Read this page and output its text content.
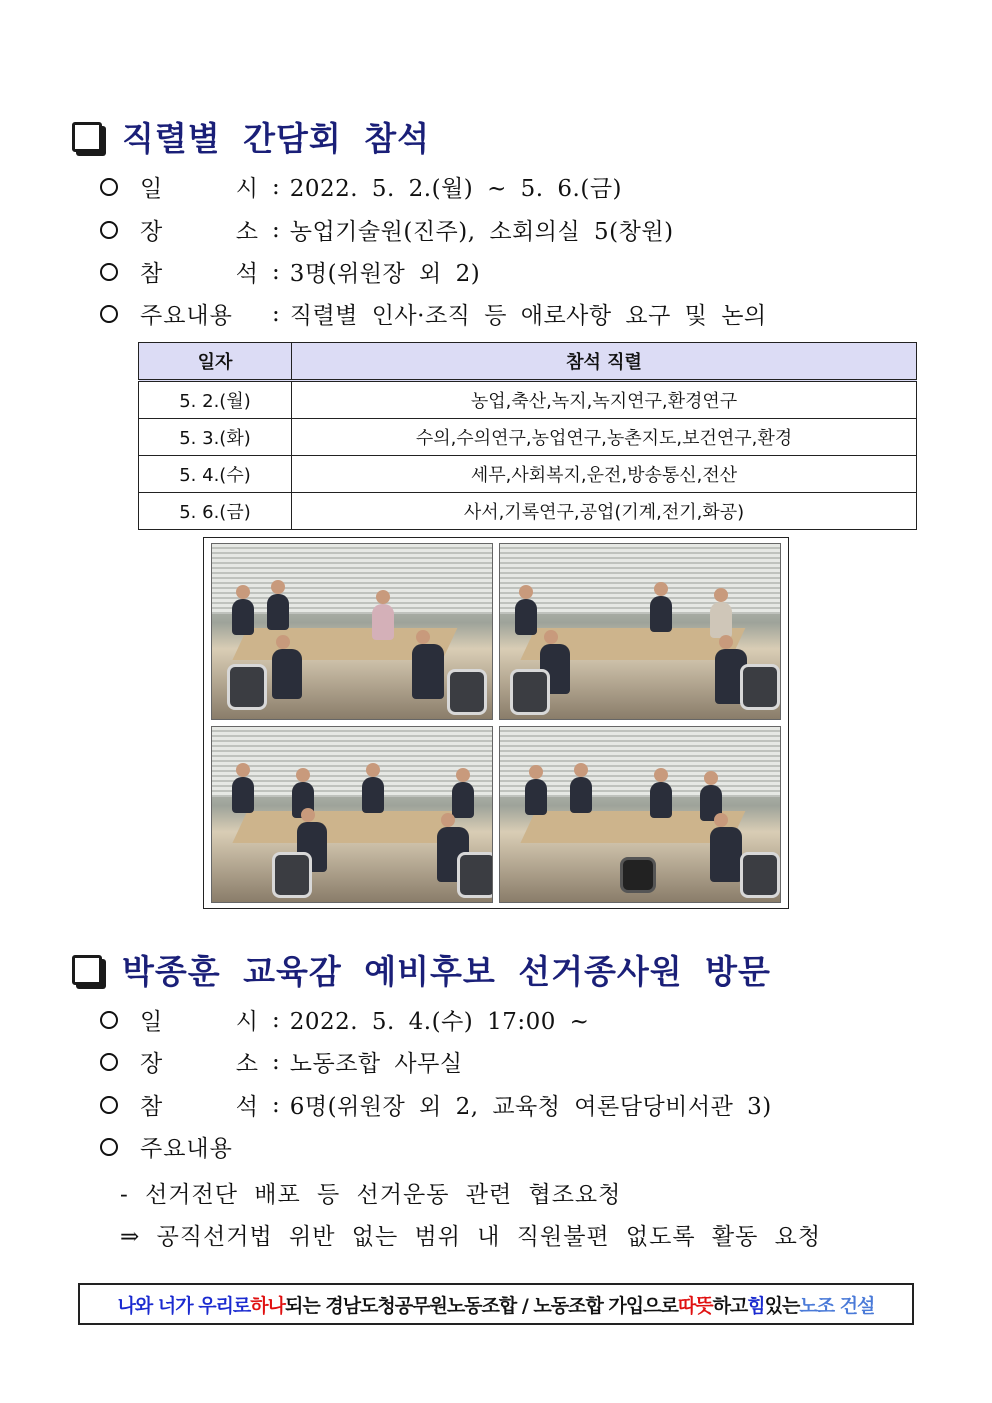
직렬별 간담회 참석
일 시 : 2022. 5. 2.(월) ~ 5. 6.(금)
장 소 : 농업기술원(진주), 소회의실 5(창원)
참 석 : 3명(위원장 외 2)
주요내용	: 직렬별 인사·조직 등 애로사항 요구 및 논의
일자	참석 직렬
5. 2.(월)	농업,축산,녹지,녹지연구,환경연구
5. 3.(화)	수의,수의연구,농업연구,농촌지도,보건연구,환경
5. 4.(수)	세무,사회복지,운전,방송통신,전산
5. 6.(금)	사서,기록연구,공업(기계,전기,화공)
박종훈 교육감 예비후보 선거종사원 방문
일 시 : 2022. 5. 4.(수) 17:00 ~
장 소 : 노동조합 사무실
참 석 : 6명(위원장 외 2, 교육청 여론담당비서관 3)
주요내용
- 선거전단 배포 등 선거운동 관련 협조요청
⇒ 공직선거법 위반 없는 범위 내 직원불편 없도록 활동 요청
나와 너가 우리로 하나 되는 경남도청공무원노동조합 / 노동조합 가입으로 따뜻 하고 힘 있는 노조 건설
